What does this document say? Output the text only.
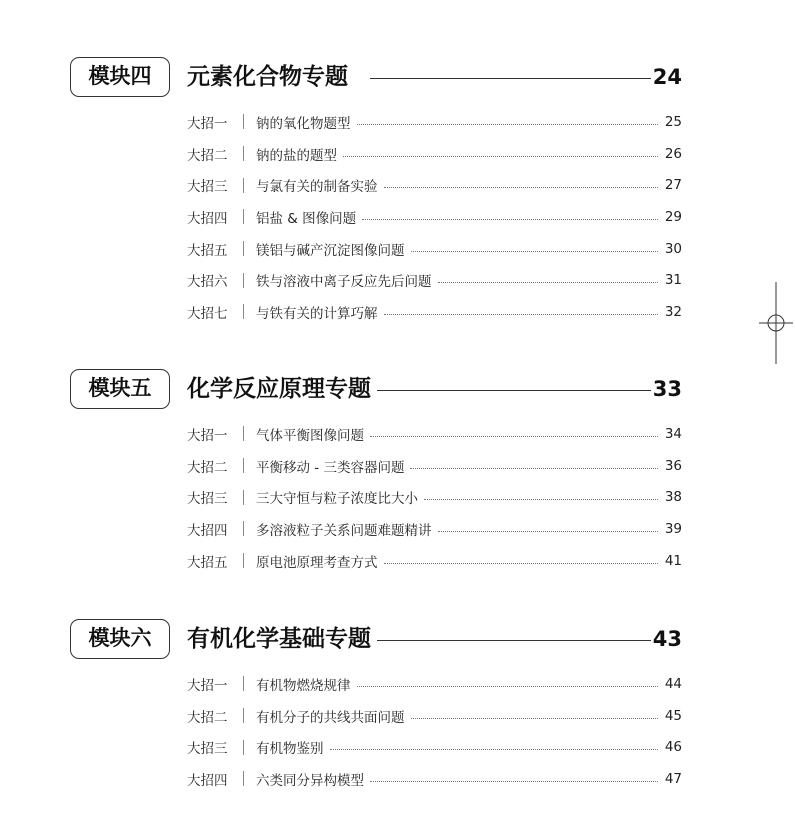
模块四	元素化合物专题	24
大招一	钠的氧化物题型	25
大招二	钠的盐的题型	26
大招三	与氯有关的制备实验	27
大招四	铝盐 & 图像问题	29
大招五	镁铝与碱产沉淀图像问题	30
大招六	铁与溶液中离子反应先后问题	31
大招七	与铁有关的计算巧解	32
模块五	化学反应原理专题	33
大招一	气体平衡图像问题	34
大招二	平衡移动 - 三类容器问题	36
大招三	三大守恒与粒子浓度比大小	38
大招四	多溶液粒子关系问题难题精讲	39
大招五	原电池原理考查方式	41
模块六	有机化学基础专题	43
大招一	有机物燃烧规律	44
大招二	有机分子的共线共面问题	45
大招三	有机物鉴别	46
大招四	六类同分异构模型	47
